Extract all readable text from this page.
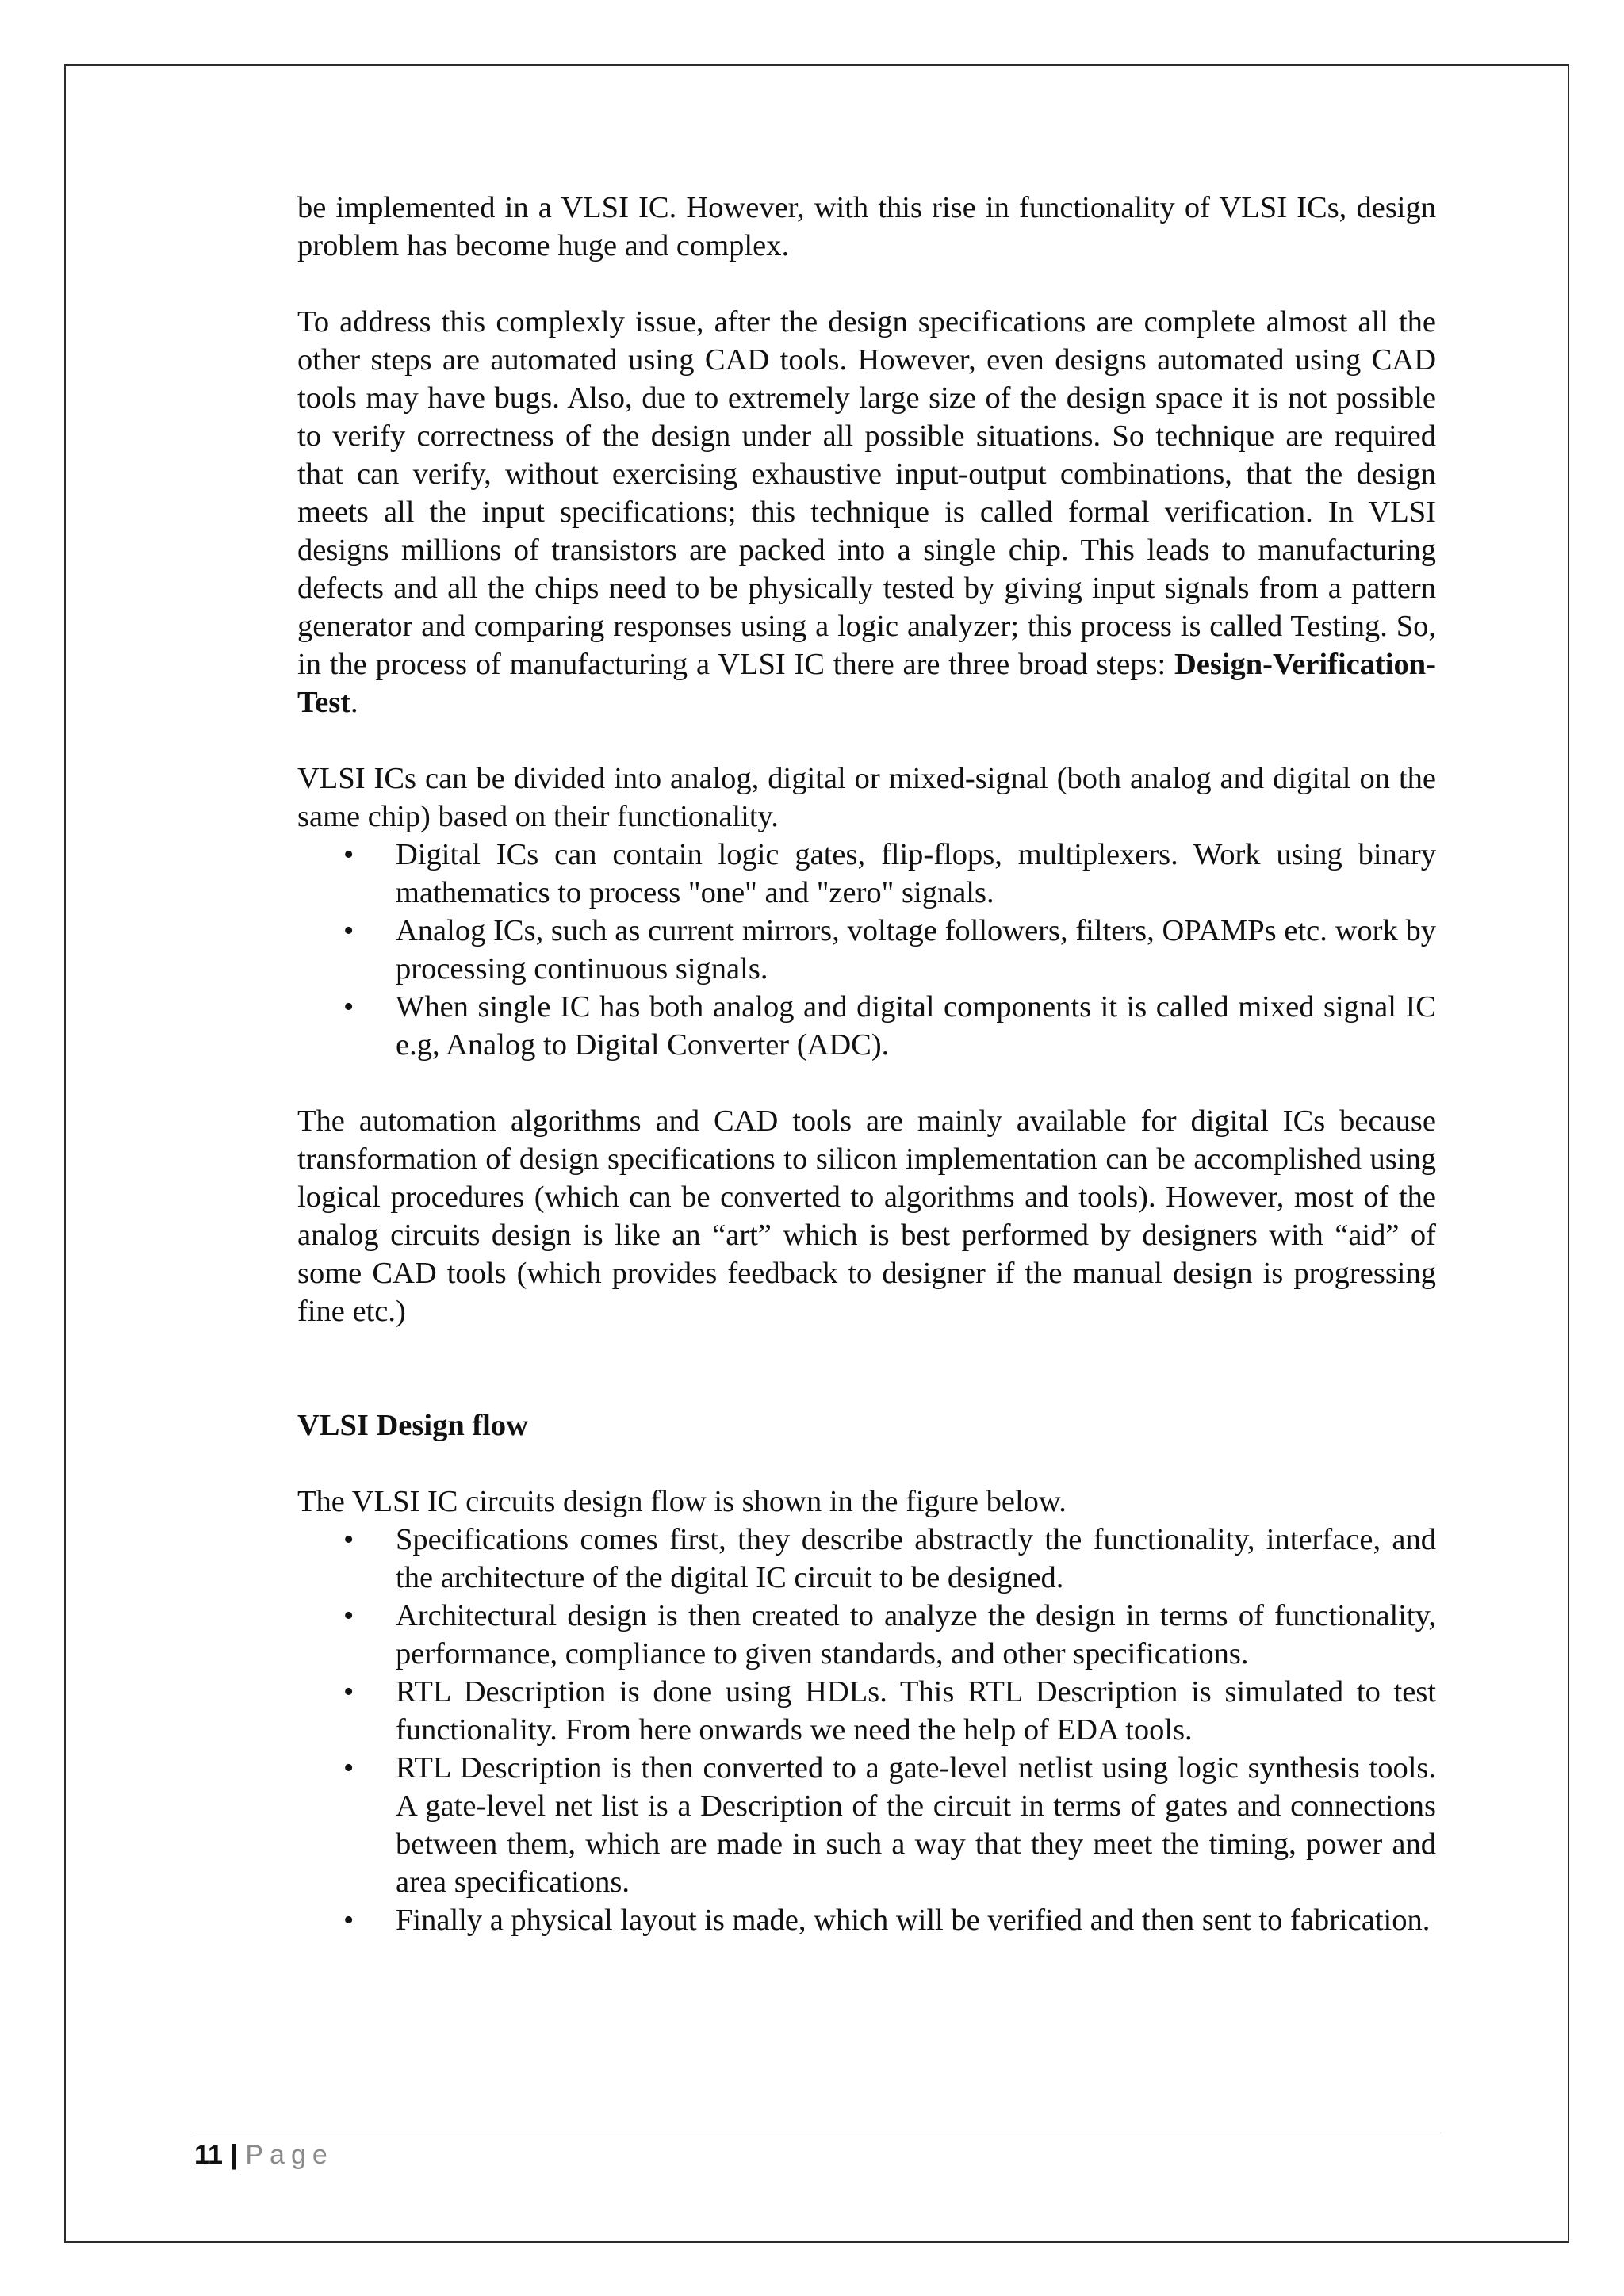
be implemented in a VLSI IC. However, with this rise in functionality of VLSI ICs, design problem has become huge and complex.

To address this complexly issue, after the design specifications are complete almost all the other steps are automated using CAD tools. However, even designs automated using CAD tools may have bugs. Also, due to extremely large size of the design space it is not possible to verify correctness of the design under all possible situations. So technique are required that can verify, without exercising exhaustive input-output combinations, that the design meets all the input specifications; this technique is called formal verification. In VLSI designs millions of transistors are packed into a single chip. This leads to manufacturing defects and all the chips need to be physically tested by giving input signals from a pattern generator and comparing responses using a logic analyzer; this process is called Testing. So, in the process of manufacturing a VLSI IC there are three broad steps: Design-Verification-Test.

VLSI ICs can be divided into analog, digital or mixed-signal (both analog and digital on the same chip) based on their functionality.

• Digital ICs can contain logic gates, flip-flops, multiplexers. Work using binary mathematics to process "one" and "zero" signals.
• Analog ICs, such as current mirrors, voltage followers, filters, OPAMPs etc. work by processing continuous signals.
• When single IC has both analog and digital components it is called mixed signal IC e.g, Analog to Digital Converter (ADC).

The automation algorithms and CAD tools are mainly available for digital ICs because transformation of design specifications to silicon implementation can be accomplished using logical procedures (which can be converted to algorithms and tools). However, most of the analog circuits design is like an “art” which is best performed by designers with “aid” of some CAD tools (which provides feedback to designer if the manual design is progressing fine etc.)

VLSI Design flow

The VLSI IC circuits design flow is shown in the figure below.

• Specifications comes first, they describe abstractly the functionality, interface, and the architecture of the digital IC circuit to be designed.
• Architectural design is then created to analyze the design in terms of functionality, performance, compliance to given standards, and other specifications.
• RTL Description is done using HDLs. This RTL Description is simulated to test functionality. From here onwards we need the help of EDA tools.
• RTL Description is then converted to a gate-level netlist using logic synthesis tools. A gate-level net list is a Description of the circuit in terms of gates and connections between them, which are made in such a way that they meet the timing, power and area specifications.
• Finally a physical layout is made, which will be verified and then sent to fabrication.
11 | Page
